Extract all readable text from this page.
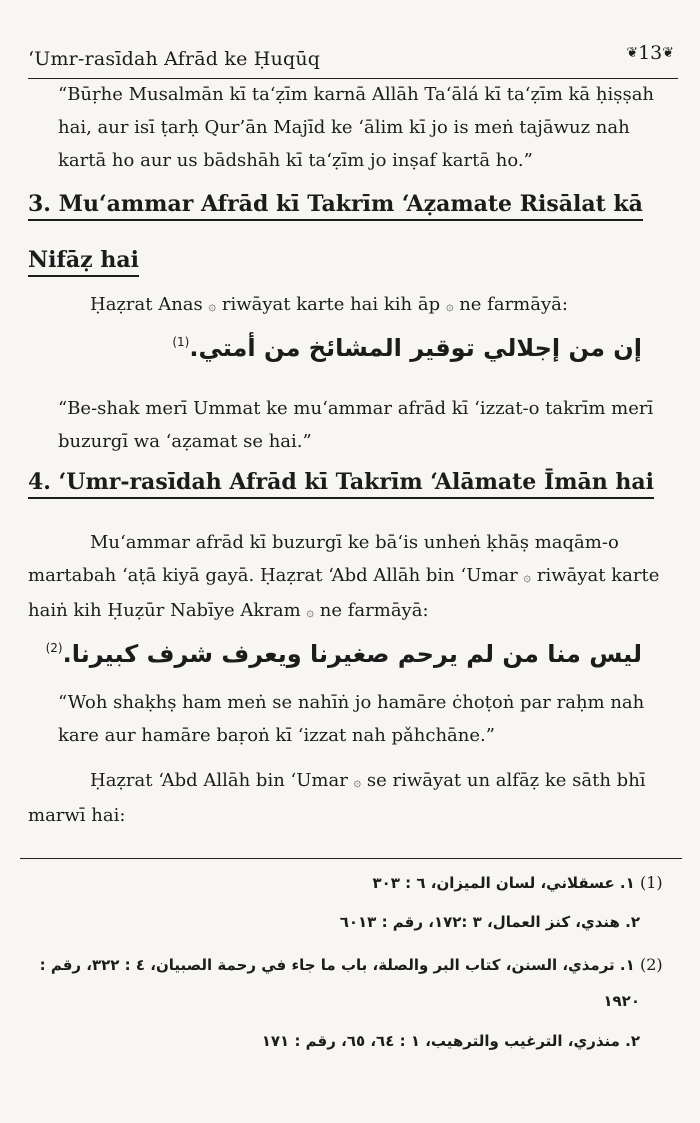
‘Umr-rasīdah Afrād ke Ḥuqūq	❦13❦
“Būṛhe Musalmān kī ta‘ẓīm karnā Allāh Ta‘ālá kī ta‘ẓīm kā ḥiṣṣah
hai, aur isī ṭarḥ Qur’ān Majīd ke ‘ālim kī jo is meṅ tajāwuz nah
kartā ho aur us bādshāh kī ta‘ẓīm jo inṣaf kartā ho.”
3. Mu‘ammar Afrād kī Takrīm ‘Aẓamate Risālat kā
Nifāẓ hai
Ḥaẓrat Anas ۞ riwāyat karte hai kih āp ۞ ne farmāyā:
إن من إجلالي توقير المشائخ من أمتي.$^{(1)}$
“Be-shak merī Ummat ke mu‘ammar afrād kī ‘izzat-o takrīm merī
buzurgī wa ‘aẓamat se hai.”
4. ‘Umr-rasīdah Afrād kī Takrīm ‘Alāmate Īmān hai
Mu‘ammar afrād kī buzurgī ke bā‘is unheṅ ḳhāṣ maqām-o
martabah ‘aṭā kiyā gayā. Ḥaẓrat ‘Abd Allāh bin ‘Umar ۞ riwāyat karte
haiṅ kih Ḥuẓūr Nabīye Akram ۞ ne farmāyā:
ليس منا من لم يرحم صغيرنا ويعرف شرف كبيرنا.$^{(2)}$
“Woh shaḳhṣ ham meṅ se nahīṅ jo hamāre ċhoṭoṅ par raḥm nah
kare aur hamāre baṛoṅ kī ‘izzat nah pǎhchāne.”
Ḥaẓrat ‘Abd Allāh bin ‘Umar ۞ se riwāyat un alfāẓ ke sāth bhī
marwī hai:
(1) ١. عسقلاني، لسان الميزان، ٦ : ٣٠٣
٢. هندي، كنز العمال، ٣ :١٧٢، رقم : ٦٠١٣
(2) ١. ترمذي، السنن، كتاب البر والصلة، باب ما جاء في رحمة الصبيان، ٤ : ٣٢٢، رقم :
١٩٢٠
٢. منذري، الترغيب والترهيب، ١ : ٦٤، ٦٥، رقم : ١٧١
